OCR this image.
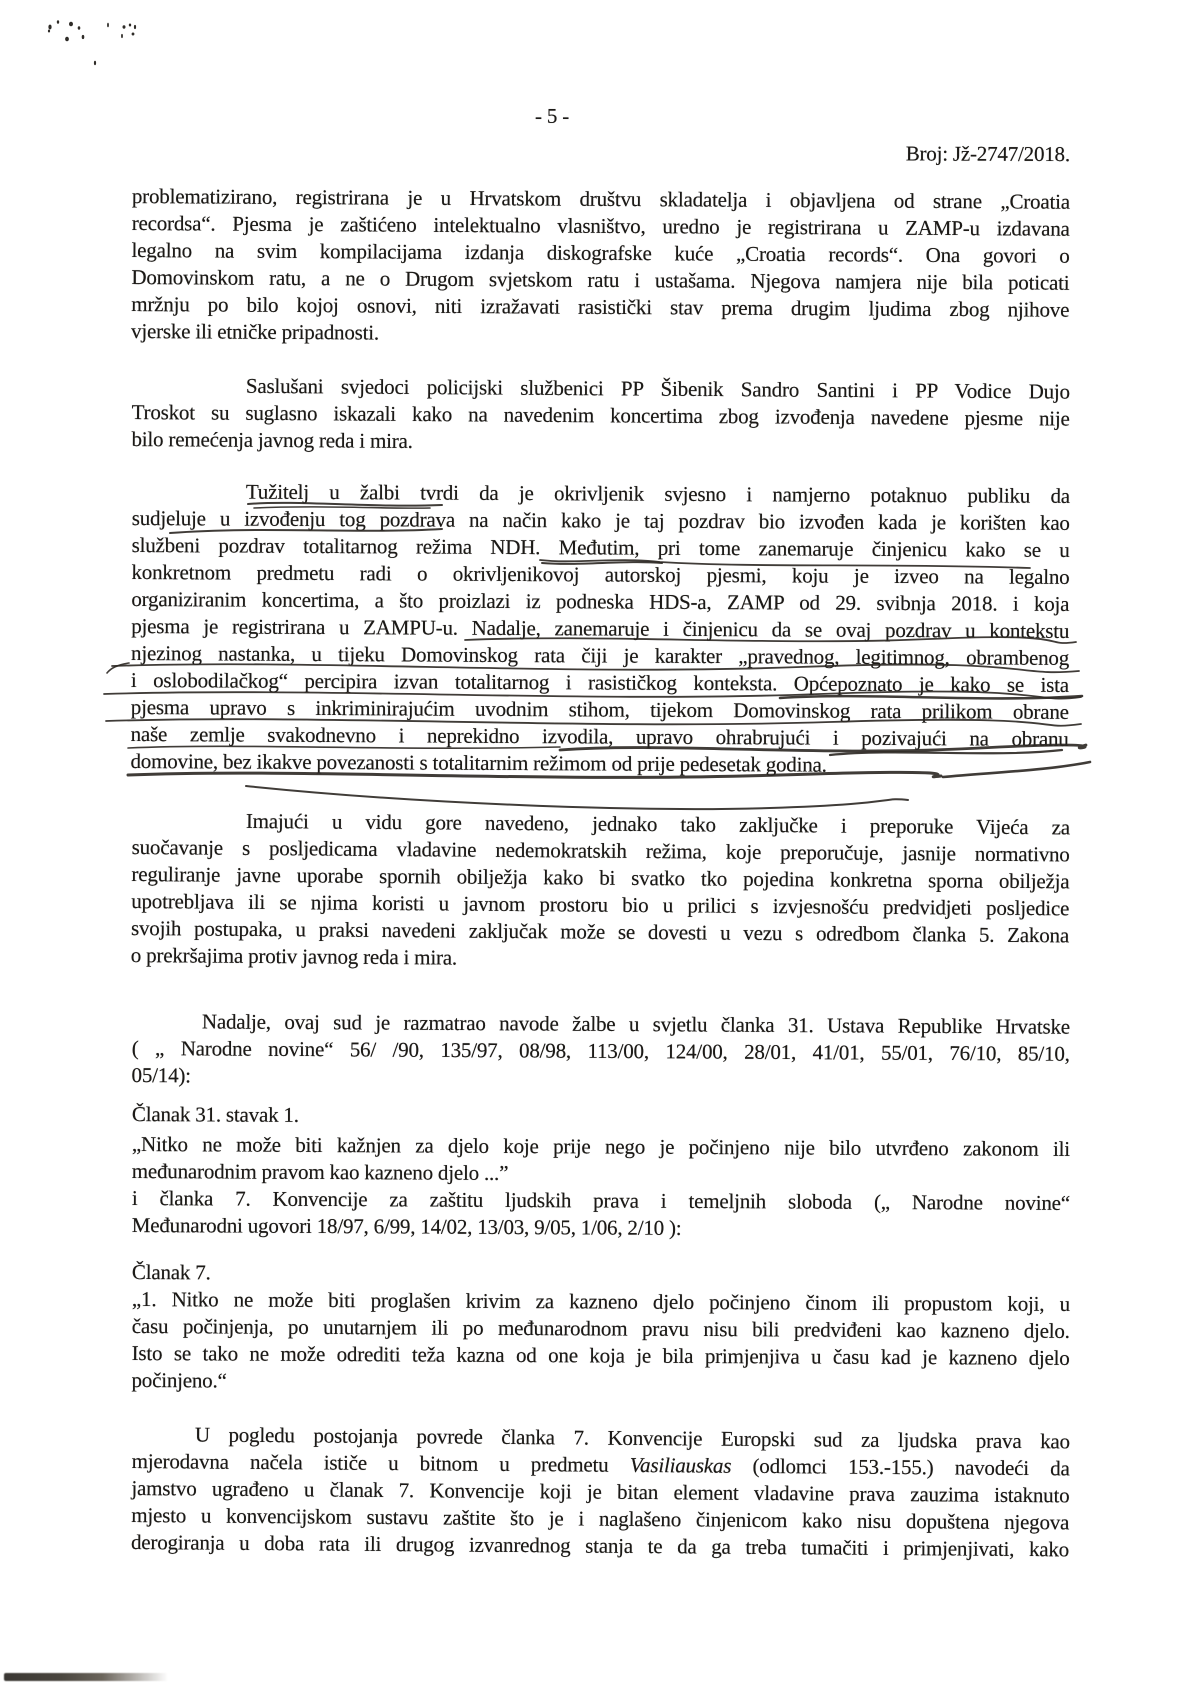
- 5 -
Broj: Jž-2747/2018.
problematizirano, registrirana je u Hrvatskom društvu skladatelja i objavljena od strane „Croatia
recordsa“. Pjesma je zaštićeno intelektualno vlasništvo, uredno je registrirana u ZAMP-u izdavana
legalno na svim kompilacijama izdanja diskografske kuće „Croatia records“. Ona govori o
Domovinskom ratu, a ne o Drugom svjetskom ratu i ustašama. Njegova namjera nije bila poticati
mržnju po bilo kojoj osnovi, niti izražavati rasistički stav prema drugim ljudima zbog njihove
vjerske ili etničke pripadnosti.
Saslušani svjedoci policijski službenici PP Šibenik Sandro Santini i PP Vodice Dujo
Troskot su suglasno iskazali kako na navedenim koncertima zbog izvođenja navedene pjesme nije
bilo remećenja javnog reda i mira.
Tužitelj u žalbi tvrdi da je okrivljenik svjesno i namjerno potaknuo publiku da
sudjeluje u izvođenju tog pozdrava na način kako je taj pozdrav bio izvođen kada je korišten kao
službeni pozdrav totalitarnog režima NDH. Međutim, pri tome zanemaruje činjenicu kako se u
konkretnom predmetu radi o okrivljenikovoj autorskoj pjesmi, koju je izveo na legalno
organiziranim koncertima, a što proizlazi iz podneska HDS-a, ZAMP od 29. svibnja 2018. i koja
pjesma je registrirana u ZAMPU-u. Nadalje, zanemaruje i činjenicu da se ovaj pozdrav u kontekstu
njezinog nastanka, u tijeku Domovinskog rata čiji je karakter „pravednog, legitimnog, obrambenog
i oslobodilačkog“ percipira izvan totalitarnog i rasističkog konteksta. Općepoznato je kako se ista
pjesma upravo s inkriminirajućim uvodnim stihom, tijekom Domovinskog rata prilikom obrane
naše zemlje svakodnevno i neprekidno izvodila, upravo ohrabrujući i pozivajući na obranu
domovine, bez ikakve povezanosti s totalitarnim režimom od prije pedesetak godina.
Imajući u vidu gore navedeno, jednako tako zaključke i preporuke Vijeća za
suočavanje s posljedicama vladavine nedemokratskih režima, koje preporučuje, jasnije normativno
reguliranje javne uporabe spornih obilježja kako bi svatko tko pojedina konkretna sporna obilježja
upotrebljava ili se njima koristi u javnom prostoru bio u prilici s izvjesnošću predvidjeti posljedice
svojih postupaka, u praksi navedeni zaključak može se dovesti u vezu s odredbom članka 5. Zakona
o prekršajima protiv javnog reda i mira.
Nadalje, ovaj sud je razmatrao navode žalbe u svjetlu članka 31. Ustava Republike Hrvatske
( „ Narodne novine“ 56/ /90, 135/97, 08/98, 113/00, 124/00, 28/01, 41/01, 55/01, 76/10, 85/10,
05/14):

Članak 31. stavak 1.

„Nitko ne može biti kažnjen za djelo koje prije nego je počinjeno nije bilo utvrđeno zakonom ili
međunarodnim pravom kao kazneno djelo ...”
i članka 7. Konvencije za zaštitu ljudskih prava i temeljnih sloboda („ Narodne novine“
Međunarodni ugovori 18/97, 6/99, 14/02, 13/03, 9/05, 1/06, 2/10 ):

Članak 7.

„1. Nitko ne može biti proglašen krivim za kazneno djelo počinjeno činom ili propustom koji, u
času počinjenja, po unutarnjem ili po međunarodnom pravu nisu bili predviđeni kao kazneno djelo.
Isto se tako ne može odrediti teža kazna od one koja je bila primjenjiva u času kad je kazneno djelo
počinjeno.“
U pogledu postojanja povrede članka 7. Konvencije Europski sud za ljudska prava kao
mjerodavna načela ističe u bitnom u predmetu Vasiliauskas (odlomci 153.-155.) navodeći da
jamstvo ugrađeno u članak 7. Konvencije koji je bitan element vladavine prava zauzima istaknuto
mjesto u konvencijskom sustavu zaštite što je i naglašeno činjenicom kako nisu dopuštena njegova
derogiranja u doba rata ili drugog izvanrednog stanja te da ga treba tumačiti i primjenjivati, kako
